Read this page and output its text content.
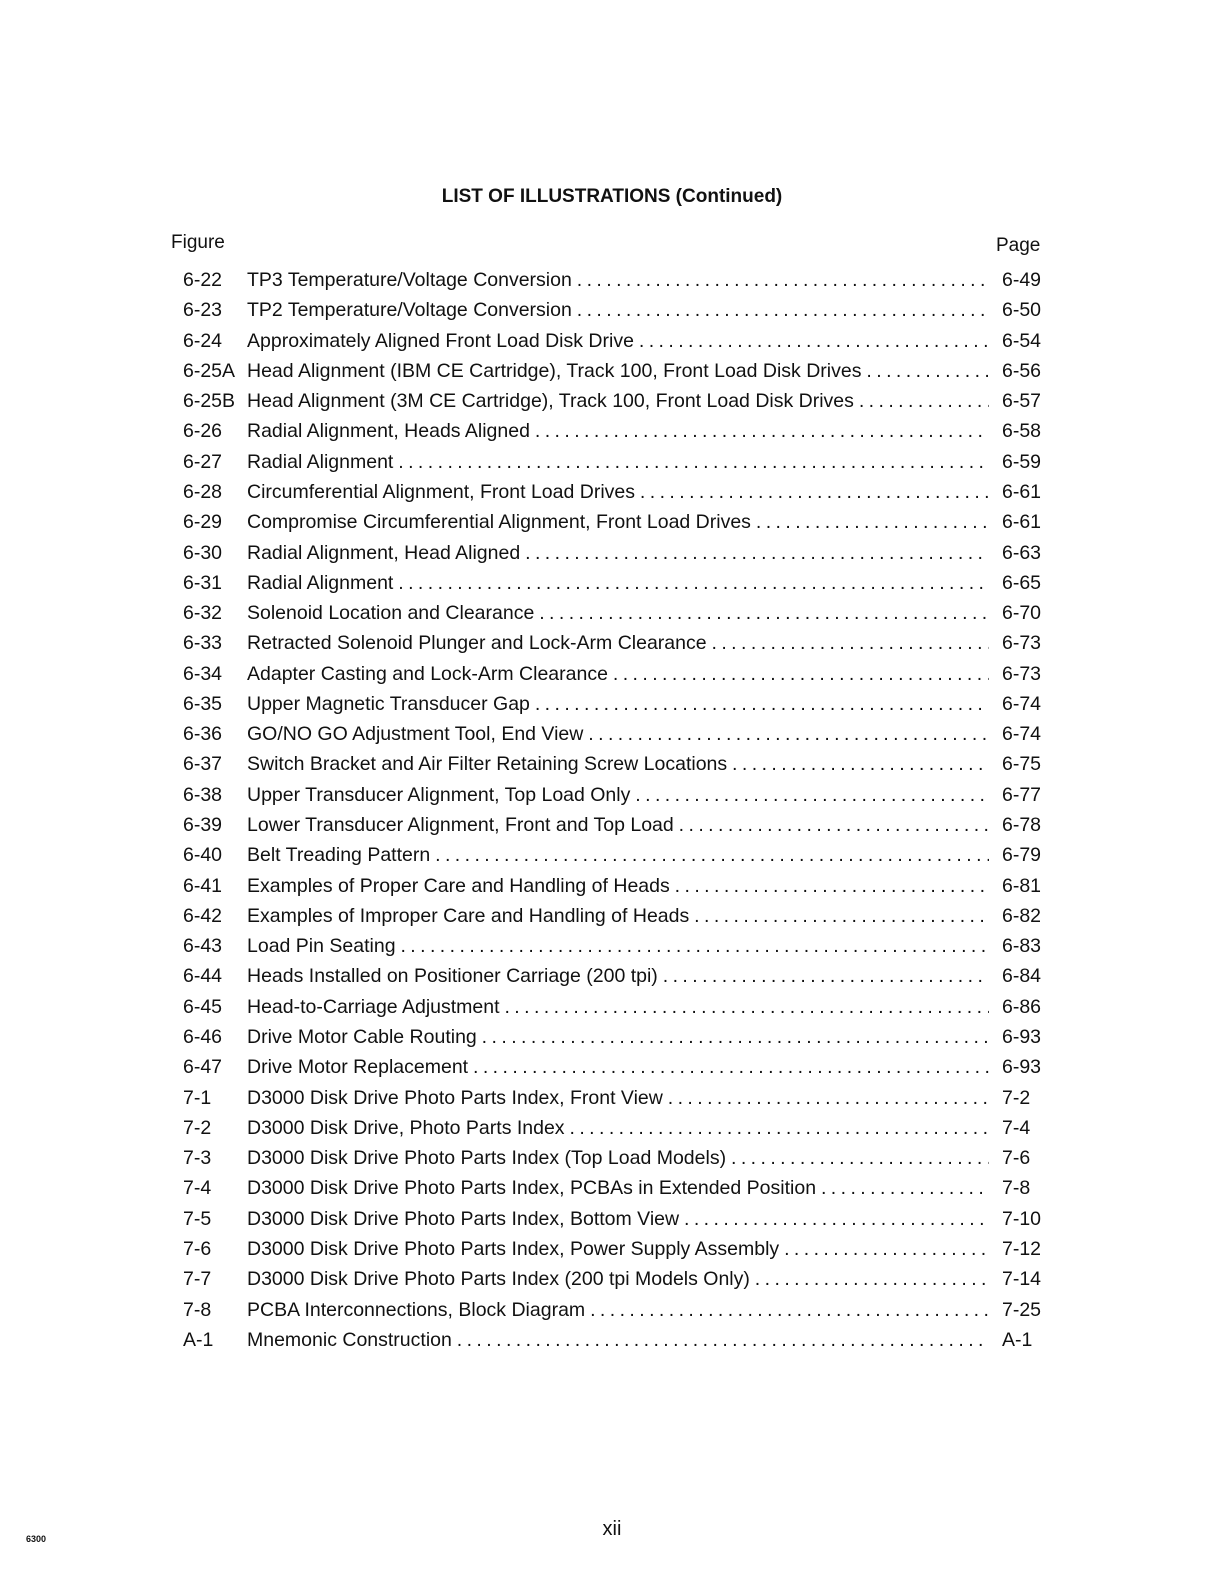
LIST OF ILLUSTRATIONS (Continued)
Figure	Page
6-22 TP3 Temperature/Voltage Conversion . . .	6-49
6-23 TP2 Temperature/Voltage Conversion . . .	6-50
6-24 Approximately Aligned Front Load Disk Drive . . .	6-54
6-25A Head Alignment (IBM CE Cartridge), Track 100, Front Load Disk Drives . . .	6-56
6-25B Head Alignment (3M CE Cartridge), Track 100, Front Load Disk Drives . . .	6-57
6-26 Radial Alignment, Heads Aligned . . .	6-58
6-27 Radial Alignment . . .	6-59
6-28 Circumferential Alignment, Front Load Drives . . .	6-61
6-29 Compromise Circumferential Alignment, Front Load Drives . . .	6-61
6-30 Radial Alignment, Head Aligned . . .	6-63
6-31 Radial Alignment . . .	6-65
6-32 Solenoid Location and Clearance . . .	6-70
6-33 Retracted Solenoid Plunger and Lock-Arm Clearance . . .	6-73
6-34 Adapter Casting and Lock-Arm Clearance . . .	6-73
6-35 Upper Magnetic Transducer Gap . . .	6-74
6-36 GO/NO GO Adjustment Tool, End View . . .	6-74
6-37 Switch Bracket and Air Filter Retaining Screw Locations . . .	6-75
6-38 Upper Transducer Alignment, Top Load Only . . .	6-77
6-39 Lower Transducer Alignment, Front and Top Load . . .	6-78
6-40 Belt Treading Pattern . . .	6-79
6-41 Examples of Proper Care and Handling of Heads . . .	6-81
6-42 Examples of Improper Care and Handling of Heads . . .	6-82
6-43 Load Pin Seating . . .	6-83
6-44 Heads Installed on Positioner Carriage (200 tpi) . . .	6-84
6-45 Head-to-Carriage Adjustment . . .	6-86
6-46 Drive Motor Cable Routing . . .	6-93
6-47 Drive Motor Replacement . . .	6-93
7-1 D3000 Disk Drive Photo Parts Index, Front View . . .	7-2
7-2 D3000 Disk Drive, Photo Parts Index . . .	7-4
7-3 D3000 Disk Drive Photo Parts Index (Top Load Models) . . .	7-6
7-4 D3000 Disk Drive Photo Parts Index, PCBAs in Extended Position . . .	7-8
7-5 D3000 Disk Drive Photo Parts Index, Bottom View . . .	7-10
7-6 D3000 Disk Drive Photo Parts Index, Power Supply Assembly . . .	7-12
7-7 D3000 Disk Drive Photo Parts Index (200 tpi Models Only) . . .	7-14
7-8 PCBA Interconnections, Block Diagram . . .	7-25
A-1 Mnemonic Construction . . .	A-1
xii
6300
